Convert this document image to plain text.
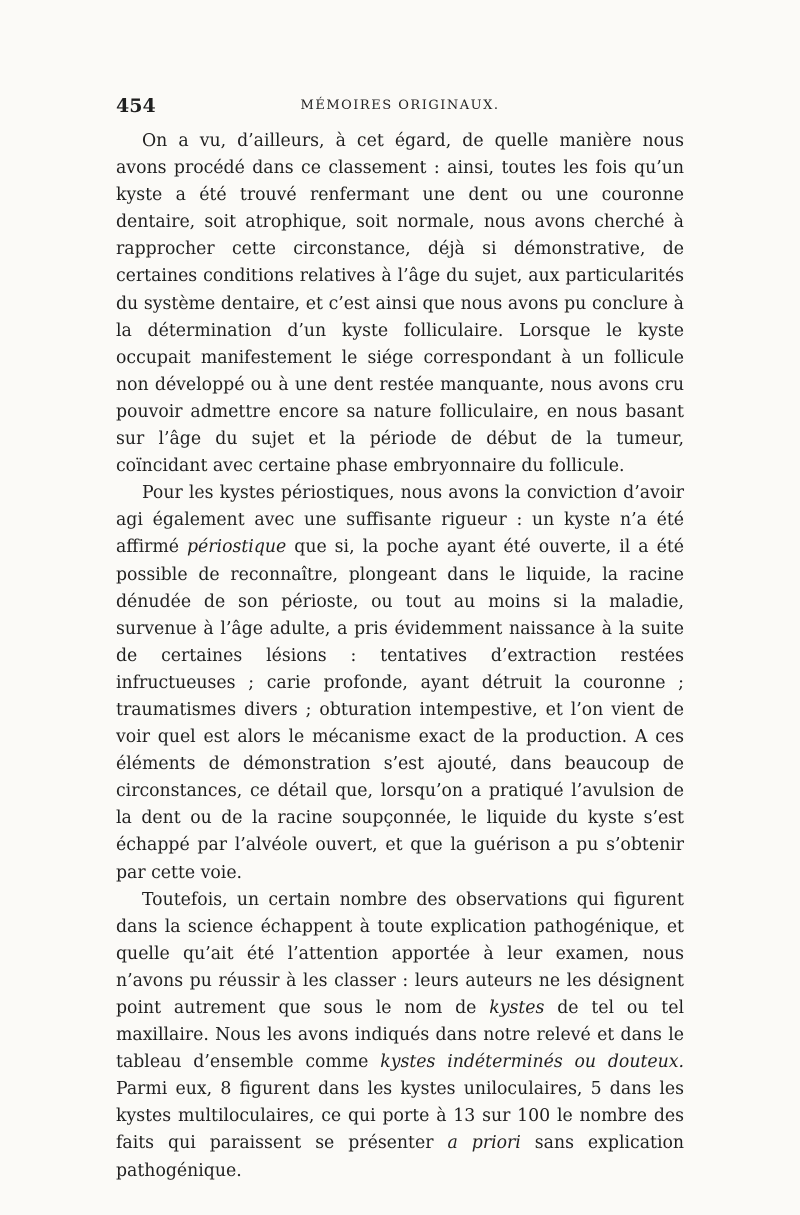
454	MÉMOIRES ORIGINAUX.

On a vu, d’ailleurs, à cet égard, de quelle manière nous avons procédé dans ce classement : ainsi, toutes les fois qu’un kyste a été trouvé renfermant une dent ou une couronne dentaire, soit atrophique, soit normale, nous avons cherché à rapprocher cette circonstance, déjà si démonstrative, de certaines conditions relatives à l’âge du sujet, aux particularités du système dentaire, et c’est ainsi que nous avons pu conclure à la détermination d’un kyste folliculaire. Lorsque le kyste occupait manifestement le siége correspondant à un follicule non développé ou à une dent restée manquante, nous avons cru pouvoir admettre encore sa nature folliculaire, en nous basant sur l’âge du sujet et la période de début de la tumeur, coïncidant avec certaine phase embryonnaire du follicule.

Pour les kystes périostiques, nous avons la conviction d’avoir agi également avec une suffisante rigueur : un kyste n’a été affirmé périostique que si, la poche ayant été ouverte, il a été possible de reconnaître, plongeant dans le liquide, la racine dénudée de son périoste, ou tout au moins si la maladie, survenue à l’âge adulte, a pris évidemment naissance à la suite de certaines lésions : tentatives d’extraction restées infructueuses ; carie profonde, ayant détruit la couronne ; traumatismes divers ; obturation intempestive, et l’on vient de voir quel est alors le mécanisme exact de la production. A ces éléments de démonstration s’est ajouté, dans beaucoup de circonstances, ce détail que, lorsqu’on a pratiqué l’avulsion de la dent ou de la racine soupçonnée, le liquide du kyste s’est échappé par l’alvéole ouvert, et que la guérison a pu s’obtenir par cette voie.

Toutefois, un certain nombre des observations qui figurent dans la science échappent à toute explication pathogénique, et quelle qu’ait été l’attention apportée à leur examen, nous n’avons pu réussir à les classer : leurs auteurs ne les désignent point autrement que sous le nom de kystes de tel ou tel maxillaire. Nous les avons indiqués dans notre relevé et dans le tableau d’ensemble comme kystes indéterminés ou douteux. Parmi eux, 8 figurent dans les kystes uniloculaires, 5 dans les kystes multiloculaires, ce qui porte à 13 sur 100 le nombre des faits qui paraissent se présenter a priori sans explication pathogénique.
